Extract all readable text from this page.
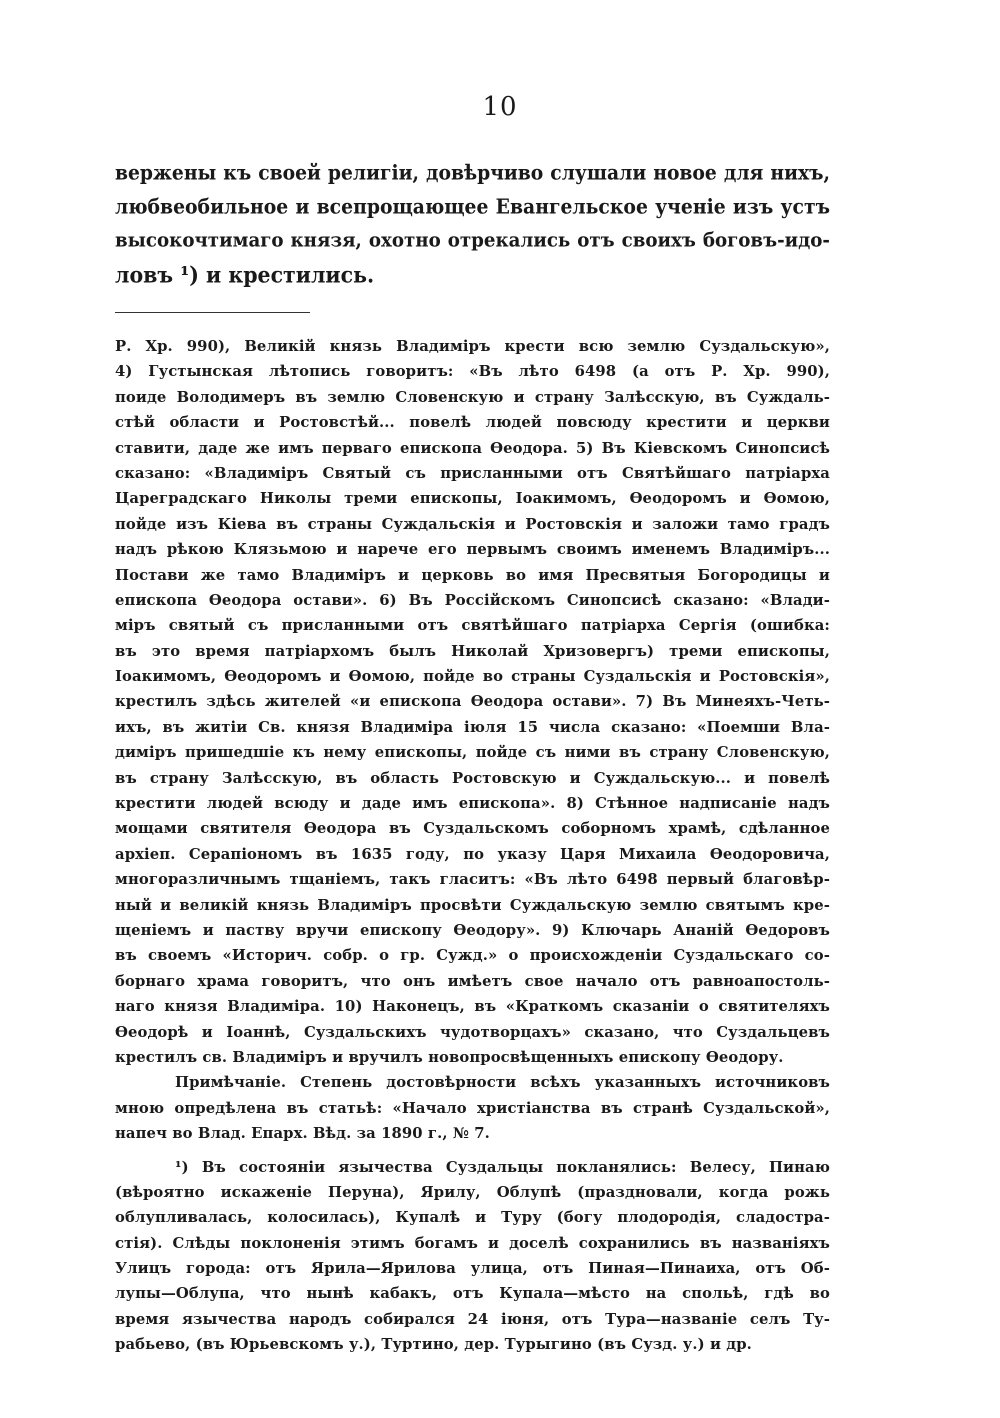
10
вержены къ своей религiи, довѣрчиво слушали новое для нихъ,
любвеобильное и всепрощающее Евангельское ученiе изъ устъ
высокочтимаго князя, охотно отрекались отъ своихъ боговъ-идо-
ловъ ¹) и крестились.
Р. Хр. 990), Великiй князь Владимiръ крести всю землю Суздальскую»,
4) Густынская лѣтопись говоритъ: «Въ лѣто 6498 (а отъ Р. Хр. 990),
поиде Володимеръ въ землю Словенскую и страну Залѣсскую, въ Суждаль-
стѣй области и Ростовстѣй... повелѣ людей повсюду крестити и церкви
ставити, даде же имъ перваго епископа Ѳеодора. 5) Въ Кiевскомъ Синопсисѣ
сказано: «Владимiръ Святый съ присланными отъ Святѣйшаго патрiарха
Цареградскаго Николы треми епископы, Iоакимомъ, Ѳеодоромъ и Ѳомою,
пойде изъ Кiева въ страны Суждальскiя и Ростовскiя и заложи тамо градъ
надъ рѣкою Клязьмою и нарече его первымъ своимъ именемъ Владимiръ...
Постави же тамо Владимiръ и церковь во имя Пресвятыя Богородицы и
епископа Ѳеодора остави». 6) Въ Россiйскомъ Синопсисѣ сказано: «Влади-
мiръ святый съ присланными отъ святѣйшаго патрiарха Сергiя (ошибка:
въ это время патрiархомъ былъ Николай Хризовергъ) треми епископы,
Iоакимомъ, Ѳеодоромъ и Ѳомою, пойде во страны Суздальскiя и Ростовскiя»,
крестилъ здѣсь жителей «и епископа Ѳеодора остави». 7) Въ Минеяхъ-Четь-
ихъ, въ житiи Св. князя Владимiра iюля 15 числа сказано: «Поемши Вла-
димiръ пришедшiе къ нему епископы, пойде съ ними въ страну Словенскую,
въ страну Залѣсскую, въ область Ростовскую и Суждальскую... и повелѣ
крестити людей всюду и даде имъ епископа». 8) Стѣнное надписанiе надъ
мощами святителя Ѳеодора въ Суздальскомъ соборномъ храмѣ, сдѣланное
архiеп. Серапiономъ въ 1635 году, по указу Царя Михаила Ѳеодоровича,
многоразличнымъ тщанiемъ, такъ гласитъ: «Въ лѣто 6498 первый благовѣр-
ный и великiй князь Владимiръ просвѣти Суждальскую землю святымъ кре-
щенiемъ и паству вручи епископу Ѳеодору». 9) Ключарь Ананiй Ѳедоровъ
въ своемъ «Историч. собр. о гр. Сужд.» о происхожденiи Суздальскаго со-
борнаго храма говоритъ, что онъ имѣетъ свое начало отъ равноапостоль-
наго князя Владимiра. 10) Наконецъ, въ «Краткомъ сказанiи о святителяхъ
Ѳеодорѣ и Iоаннѣ, Суздальскихъ чудотворцахъ» сказано, что Суздальцевъ
крестилъ св. Владимiръ и вручилъ новопросвѣщенныхъ епископу Ѳеодору.
Примѣчанiе. Степень достовѣрности всѣхъ указанныхъ источниковъ
мною опредѣлена въ статьѣ: «Начало христiанства въ странѣ Суздальской»,
напеч во Влад. Епарх. Вѣд. за 1890 г., № 7.
¹) Въ состоянiи язычества Суздальцы покланялись: Велесу, Пинаю
(вѣроятно искаженiе Перуна), Ярилу, Облупѣ (праздновали, когда рожь
облупливалась, колосилась), Купалѣ и Туру (богу плодородiя, сладостра-
стiя). Слѣды поклоненiя этимъ богамъ и доселѣ сохранились въ названiяхъ
Улицъ города: отъ Ярила—Ярилова улица, отъ Пиная—Пинаиха, отъ Об-
лупы—Облупа, что нынѣ кабакъ, отъ Купала—мѣсто на спольѣ, гдѣ во
время язычества народъ собирался 24 iюня, отъ Тура—названiе селъ Ту-
рабьево, (въ Юрьевскомъ у.), Туртино, дер. Турыгино (въ Сузд. у.) и др.
